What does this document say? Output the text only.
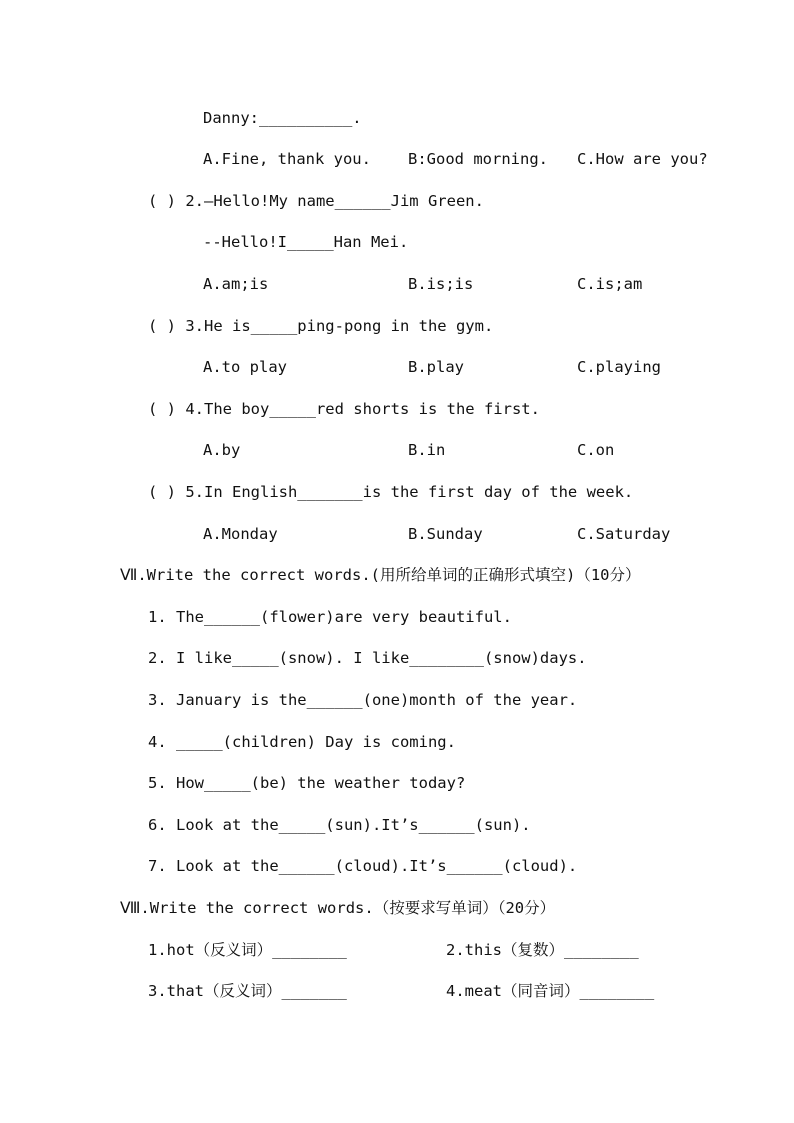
Danny:__________.
A.Fine, thank you. B:Good morning. C.How are you?
( ) 2.—Hello!My name______Jim Green.
--Hello!I_____Han Mei.
A.am;is	B.is;is	C.is;am
( ) 3.He is_____ping-pong in the gym.
A.to play	B.play	C.playing
( ) 4.The boy_____red shorts is the first.
A.by	B.in	C.on
( ) 5.In English_______is the first day of the week.
A.Monday	B.Sunday	C.Saturday
Ⅶ.Write the correct words.(用所给单词的正确形式填空)（10分）
1. The______(flower)are very beautiful.
2. I like_____(snow). I like________(snow)days.
3. January is the______(one)month of the year.
4. _____(children) Day is coming.
5. How_____(be) the weather today?
6. Look at the_____(sun).It’s______(sun).
7. Look at the______(cloud).It’s______(cloud).
Ⅷ.Write the correct words.（按要求写单词）（20分）
1.hot（反义词）________	2.this（复数）________
3.that（反义词）_______	4.meat（同音词）________
